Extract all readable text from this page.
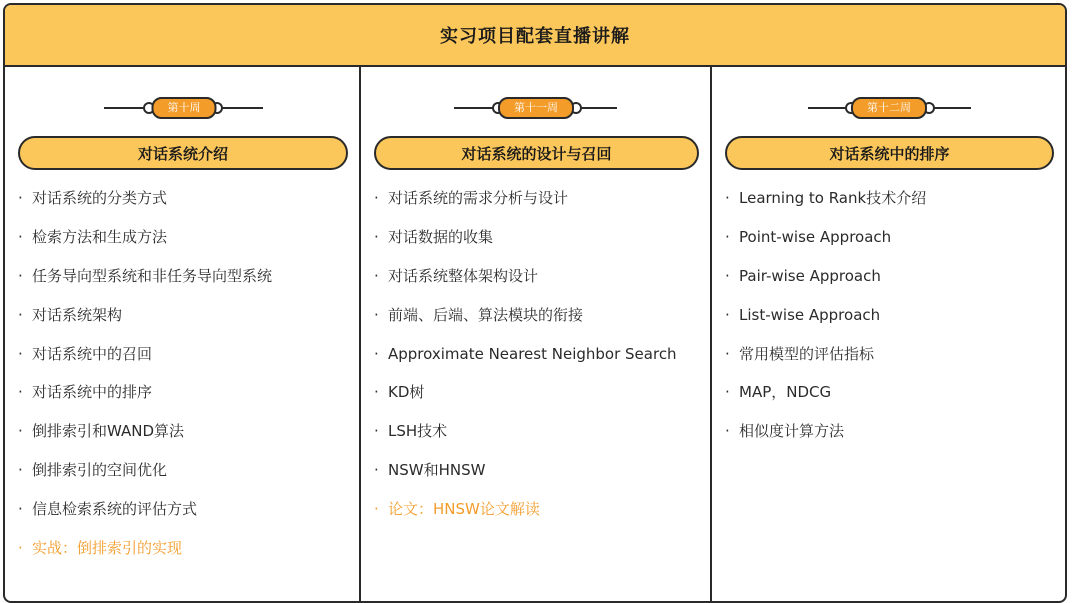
实习项目配套直播讲解
第十周
对话系统介绍
· 对话系统的分类方式
· 检索方法和生成方法
· 任务导向型系统和非任务导向型系统
· 对话系统架构
· 对话系统中的召回
· 对话系统中的排序
· 倒排索引和WAND算法
· 倒排索引的空间优化
· 信息检索系统的评估方式
· 实战：倒排索引的实现
第十一周
对话系统的设计与召回
· 对话系统的需求分析与设计
· 对话数据的收集
· 对话系统整体架构设计
· 前端、后端、算法模块的衔接
· Approximate Nearest Neighbor Search
· KD树
· LSH技术
· NSW和HNSW
· 论文：HNSW论文解读
第十二周
对话系统中的排序
· Learning to Rank技术介绍
· Point-wise Approach
· Pair-wise Approach
· List-wise Approach
· 常用模型的评估指标
· MAP，NDCG
· 相似度计算方法
